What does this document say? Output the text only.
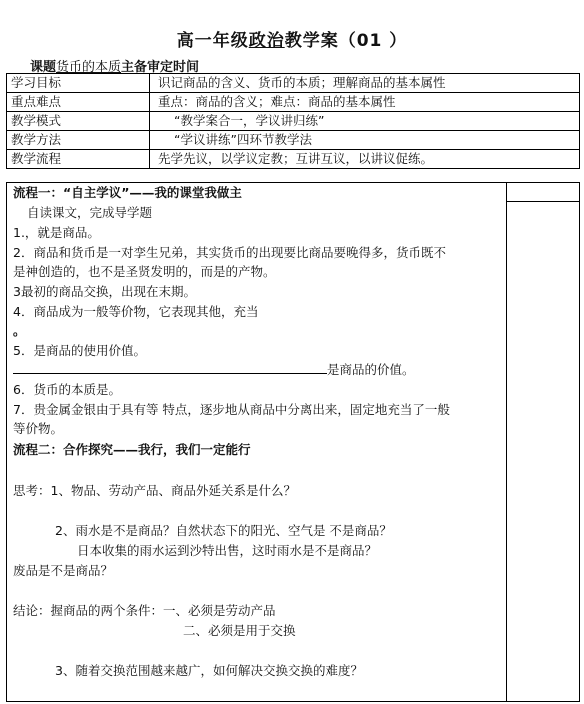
高一年级政治教学案（01 ）
课题货币的本质主备审定时间
学习目标	识记商品的含义、货币的本质；理解商品的基本属性
重点难点	重点：商品的含义；难点：商品的基本属性
教学模式	“教学案合一，学议讲归练”
教学方法	“学议讲练”四环节教学法
教学流程	先学先议，以学议定教；互讲互议，以讲议促练。
流程一：“自主学议”——我的课堂我做主
自读课文，完成导学题
1.，就是商品。
2．商品和货币是一对孪生兄弟，其实货币的出现要比商品要晚得多，货币既不
是神创造的，也不是圣贤发明的，而是的产物。
3最初的商品交换，出现在末期。
4．商品成为一般等价物，它表现其他，充当
。
5．是商品的使用价值。
是商品的价值。
6．货币的本质是。
7．贵金属金银由于具有等 特点，逐步地从商品中分离出来，固定地充当了一般
等价物。
流程二：合作探究——我行，我们一定能行
思考：1、物品、劳动产品、商品外延关系是什么？
2、雨水是不是商品？自然状态下的阳光、空气是 不是商品？
日本收集的雨水运到沙特出售，这时雨水是不是商品？
废品是不是商品？
结论：握商品的两个条件：一、必须是劳动产品
二、必须是用于交换
3、随着交换范围越来越广，如何解决交换交换的难度？
